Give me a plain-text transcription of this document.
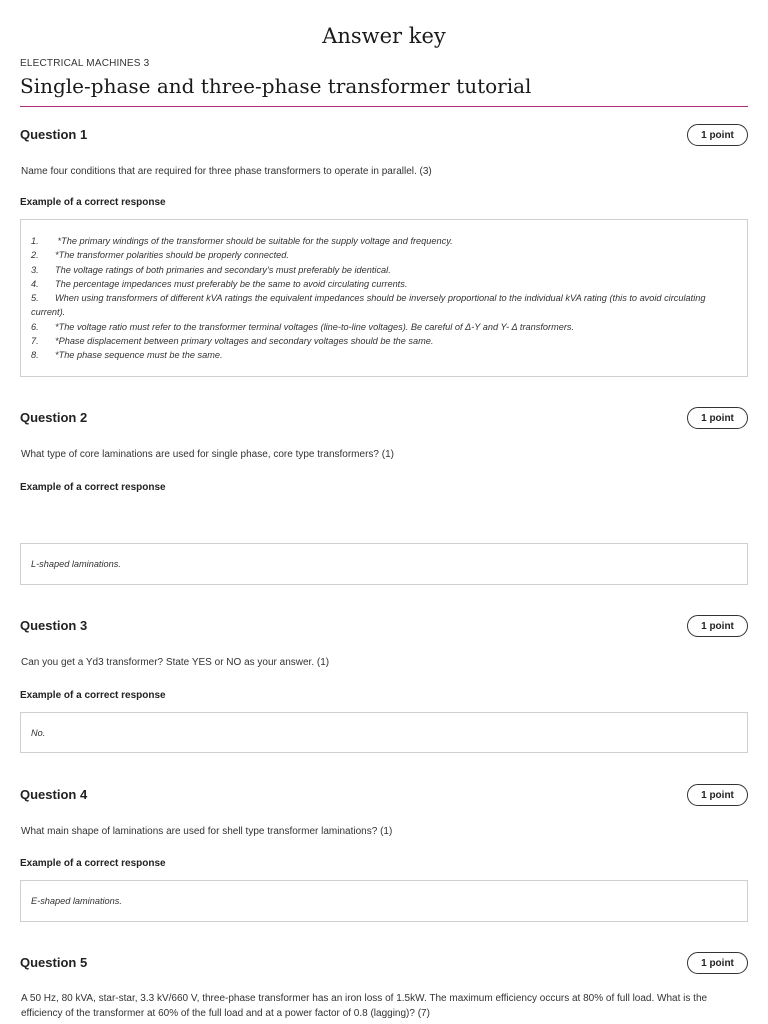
Answer key
ELECTRICAL MACHINES 3
Single-phase and three-phase transformer tutorial
Question 1	1 point
Name four conditions that are required for three phase transformers to operate in parallel. (3)
Example of a correct response
1. *The primary windings of the transformer should be suitable for the supply voltage and frequency.
2. *The transformer polarities should be properly connected.
3. The voltage ratings of both primaries and secondary's must preferably be identical.
4. The percentage impedances must preferably be the same to avoid circulating currents.
5. When using transformers of different kVA ratings the equivalent impedances should be inversely proportional to the individual kVA rating (this to avoid circulating current).
6. *The voltage ratio must refer to the transformer terminal voltages (line-to-line voltages). Be careful of Δ-Y and Y- Δ transformers.
7. *Phase displacement between primary voltages and secondary voltages should be the same.
8. *The phase sequence must be the same.
Question 2	1 point
What type of core laminations are used for single phase, core type transformers? (1)
Example of a correct response
L-shaped laminations.
Question 3	1 point
Can you get a Yd3 transformer? State YES or NO as your answer. (1)
Example of a correct response
No.
Question 4	1 point
What main shape of laminations are used for shell type transformer laminations? (1)
Example of a correct response
E-shaped laminations.
Question 5	1 point
A 50 Hz, 80 kVA, star-star, 3.3 kV/660 V, three-phase transformer has an iron loss of 1.5kW. The maximum efficiency occurs at 80% of full load. What is the efficiency of the transformer at 60% of the full load and at a power factor of 0.8 (lagging)? (7)
